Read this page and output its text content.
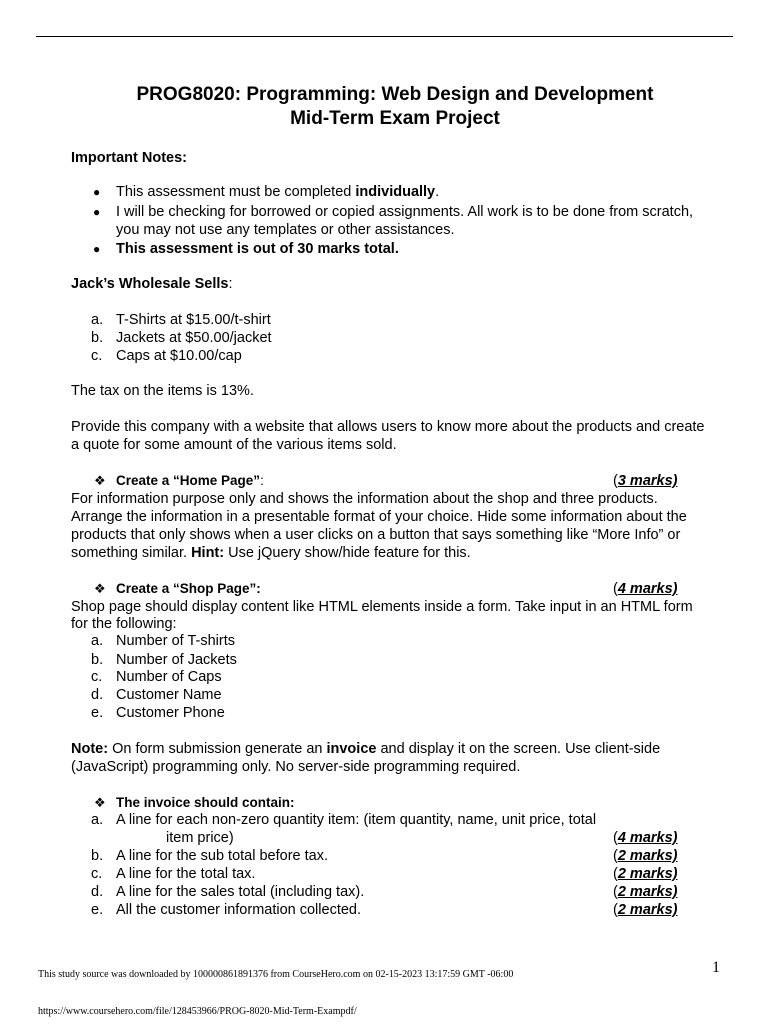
PROG8020: Programming: Web Design and Development
Mid-Term Exam Project
Important Notes:
● This assessment must be completed individually.
● I will be checking for borrowed or copied assignments. All work is to be done from scratch,
you may not use any templates or other assistances.
● This assessment is out of 30 marks total.
Jack’s Wholesale Sells:
a. T-Shirts at $15.00/t-shirt
b. Jackets at $50.00/jacket
c. Caps at $10.00/cap
The tax on the items is 13%.
Provide this company with a website that allows users to know more about the products and create
a quote for some amount of the various items sold.
❖ Create a “Home Page”:	(3 marks)
For information purpose only and shows the information about the shop and three products.
Arrange the information in a presentable format of your choice. Hide some information about the
products that only shows when a user clicks on a button that says something like “More Info” or
something similar. Hint: Use jQuery show/hide feature for this.
❖ Create a “Shop Page”:	(4 marks)
Shop page should display content like HTML elements inside a form. Take input in an HTML form
for the following:
a. Number of T-shirts
b. Number of Jackets
c. Number of Caps
d. Customer Name
e. Customer Phone
Note: On form submission generate an invoice and display it on the screen. Use client-side
(JavaScript) programming only. No server-side programming required.
❖ The invoice should contain:
a. A line for each non-zero quantity item: (item quantity, name, unit price, total
item price)	(4 marks)
b. A line for the sub total before tax.	(2 marks)
c. A line for the total tax.	(2 marks)
d. A line for the sales total (including tax).	(2 marks)
e. All the customer information collected.	(2 marks)
1
This study source was downloaded by 100000861891376 from CourseHero.com on 02-15-2023 13:17:59 GMT -06:00
https://www.coursehero.com/file/128453966/PROG-8020-Mid-Term-Exampdf/
